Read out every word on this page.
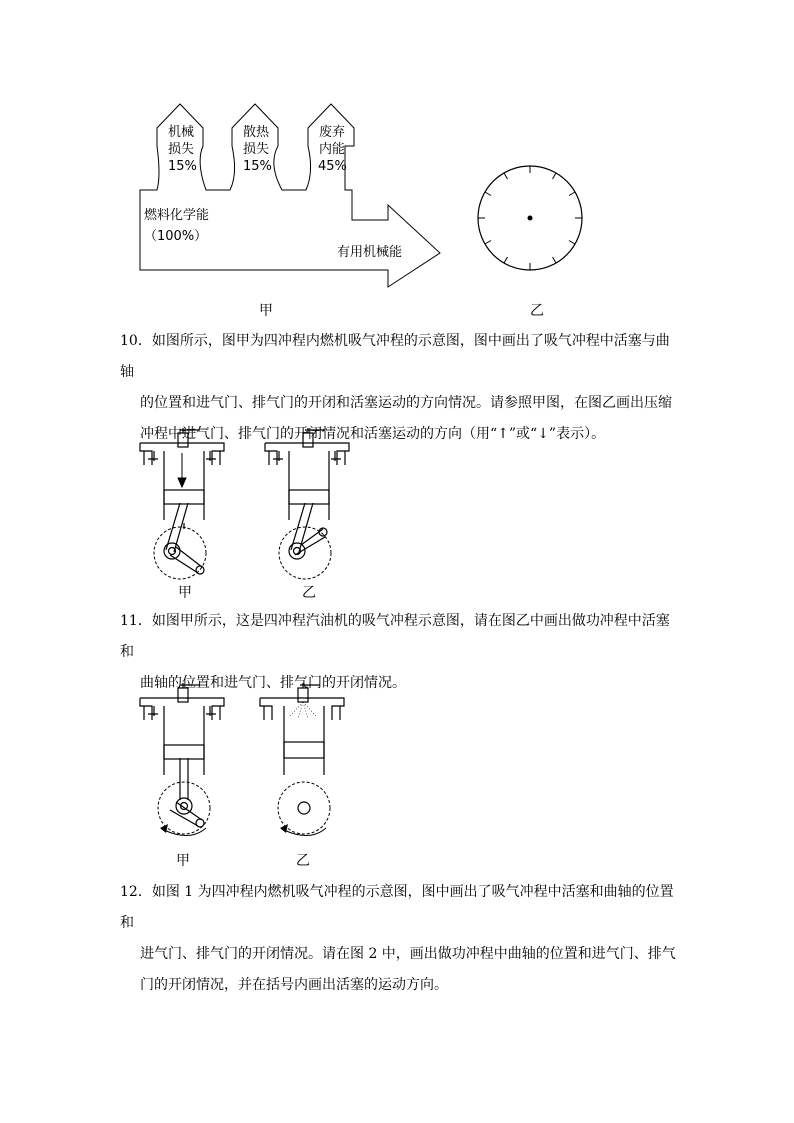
机械
损失
15%
散热
损失
15%
废弃
内能
45%
燃料化学能
（100%）
有用机械能
甲	乙

10．如图所示，图甲为四冲程内燃机吸气冲程的示意图，图中画出了吸气冲程中活塞与曲轴

的位置和进气门、排气门的开闭和活塞运动的方向情况。请参照甲图，在图乙画出压缩

冲程中进气门、排气门的开闭情况和活塞运动的方向（用“↑”或“↓”表示）。

甲	乙

11．如图甲所示，这是四冲程汽油机的吸气冲程示意图，请在图乙中画出做功冲程中活塞和

曲轴的位置和进气门、排气门的开闭情况。

甲	乙

12．如图 1 为四冲程内燃机吸气冲程的示意图，图中画出了吸气冲程中活塞和曲轴的位置和

进气门、排气门的开闭情况。请在图 2 中，画出做功冲程中曲轴的位置和进气门、排气

门的开闭情况，并在括号内画出活塞的运动方向。
